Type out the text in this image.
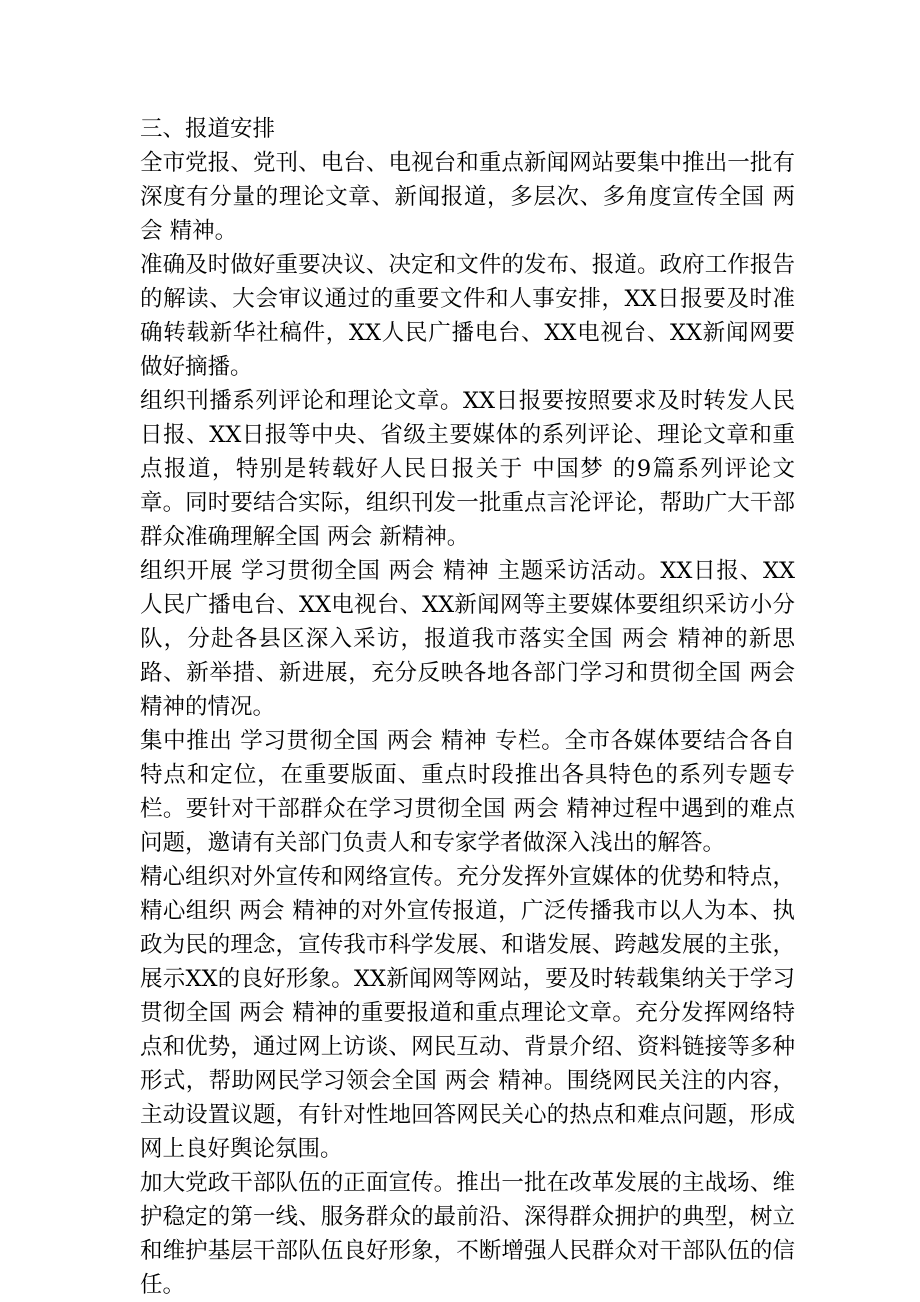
三、报道安排

全市党报、党刊、电台、电视台和重点新闻网站要集中推出一批有深度有分量的理论文章、新闻报道，多层次、多角度宣传全国 两会 精神。

准确及时做好重要决议、决定和文件的发布、报道。政府工作报告的解读、大会审议通过的重要文件和人事安排，XX日报要及时准确转载新华社稿件，XX人民广播电台、XX电视台、XX新闻网要做好摘播。

组织刊播系列评论和理论文章。XX日报要按照要求及时转发人民日报、XX日报等中央、省级主要媒体的系列评论、理论文章和重点报道，特别是转载好人民日报关于 中国梦 的9篇系列评论文章。同时要结合实际，组织刊发一批重点言沦评论，帮助广大干部群众准确理解全国 两会 新精神。

组织开展 学习贯彻全国 两会 精神 主题采访活动。XX日报、XX人民广播电台、XX电视台、XX新闻网等主要媒体要组织采访小分队，分赴各县区深入采访，报道我市落实全国 两会 精神的新思路、新举措、新进展，充分反映各地各部门学习和贯彻全国 两会 精神的情况。

集中推出 学习贯彻全国 两会 精神 专栏。全市各媒体要结合各自特点和定位，在重要版面、重点时段推出各具特色的系列专题专栏。要针对干部群众在学习贯彻全国 两会 精神过程中遇到的难点问题，邀请有关部门负责人和专家学者做深入浅出的解答。

精心组织对外宣传和网络宣传。充分发挥外宣媒体的优势和特点，精心组织 两会 精神的对外宣传报道，广泛传播我市以人为本、执政为民的理念，宣传我市科学发展、和谐发展、跨越发展的主张，展示XX的良好形象。XX新闻网等网站，要及时转载集纳关于学习贯彻全国 两会 精神的重要报道和重点理论文章。充分发挥网络特点和优势，通过网上访谈、网民互动、背景介绍、资料链接等多种形式，帮助网民学习领会全国 两会 精神。围绕网民关注的内容，主动设置议题，有针对性地回答网民关心的热点和难点问题，形成网上良好舆论氛围。

加大党政干部队伍的正面宣传。推出一批在改革发展的主战场、维护稳定的第一线、服务群众的最前沿、深得群众拥护的典型，树立和维护基层干部队伍良好形象，不断增强人民群众对干部队伍的信任。
